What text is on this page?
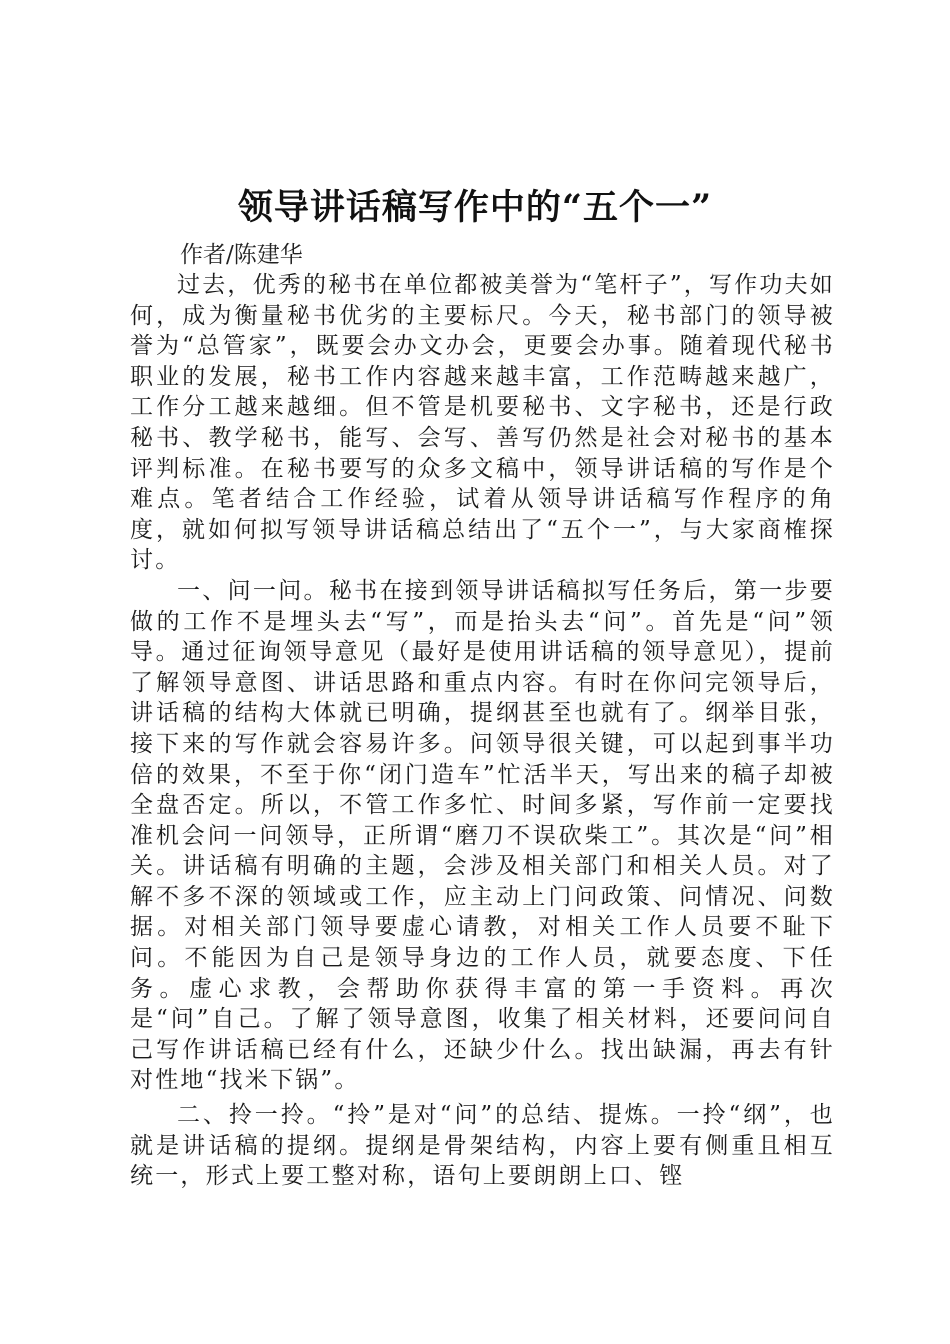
领导讲话稿写作中的“五个一”
作者/陈建华

过去，优秀的秘书在单位都被美誉为“笔杆子”，写作功夫如何，成为衡量秘书优劣的主要标尺。今天，秘书部门的领导被誉为“总管家”，既要会办文办会，更要会办事。随着现代秘书职业的发展，秘书工作内容越来越丰富，工作范畴越来越广，工作分工越来越细。但不管是机要秘书、文字秘书，还是行政秘书、教学秘书，能写、会写、善写仍然是社会对秘书的基本评判标准。在秘书要写的众多文稿中，领导讲话稿的写作是个难点。笔者结合工作经验，试着从领导讲话稿写作程序的角度，就如何拟写领导讲话稿总结出了“五个一”，与大家商榷探讨。

一、问一问。秘书在接到领导讲话稿拟写任务后，第一步要做的工作不是埋头去“写”，而是抬头去“问”。首先是“问”领导。通过征询领导意见（最好是使用讲话稿的领导意见），提前了解领导意图、讲话思路和重点内容。有时在你问完领导后，讲话稿的结构大体就已明确，提纲甚至也就有了。纲举目张，接下来的写作就会容易许多。问领导很关键，可以起到事半功倍的效果，不至于你“闭门造车”忙活半天，写出来的稿子却被全盘否定。所以，不管工作多忙、时间多紧，写作前一定要找准机会问一问领导，正所谓“磨刀不误砍柴工”。其次是“问”相关。讲话稿有明确的主题，会涉及相关部门和相关人员。对了解不多不深的领域或工作，应主动上门问政策、问情况、问数据。对相关部门领导要虚心请教，对相关工作人员要不耻下问。不能因为自己是领导身边的工作人员，就要态度、下任务。虚心求教，会帮助你获得丰富的第一手资料。再次是“问”自己。了解了领导意图，收集了相关材料，还要问问自己写作讲话稿已经有什么，还缺少什么。找出缺漏，再去有针对性地“找米下锅”。

二、拎一拎。“拎”是对“问”的总结、提炼。一拎“纲”，也就是讲话稿的提纲。提纲是骨架结构，内容上要有侧重且相互统一，形式上要工整对称，语句上要朗朗上口、铿
